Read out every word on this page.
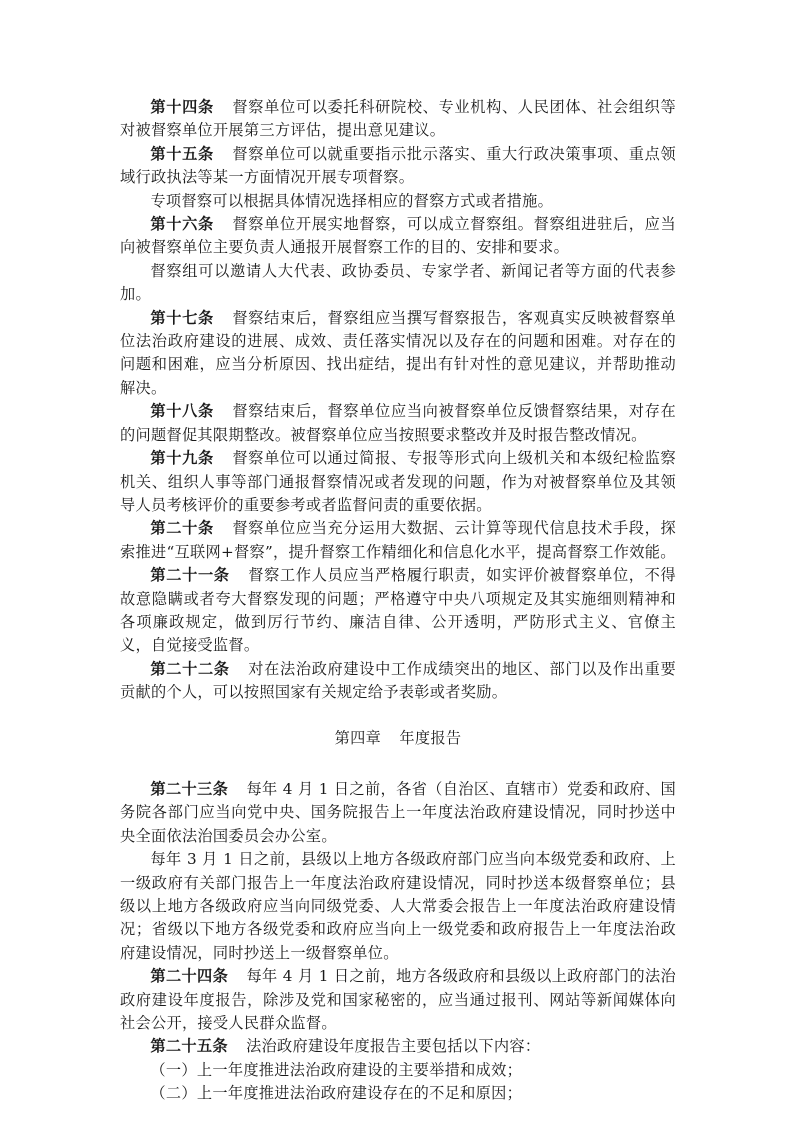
第十四条 督察单位可以委托科研院校、专业机构、人民团体、社会组织等对被督察单位开展第三方评估，提出意见建议。

第十五条 督察单位可以就重要指示批示落实、重大行政决策事项、重点领域行政执法等某一方面情况开展专项督察。

专项督察可以根据具体情况选择相应的督察方式或者措施。

第十六条 督察单位开展实地督察，可以成立督察组。督察组进驻后，应当向被督察单位主要负责人通报开展督察工作的目的、安排和要求。

督察组可以邀请人大代表、政协委员、专家学者、新闻记者等方面的代表参加。

第十七条 督察结束后，督察组应当撰写督察报告，客观真实反映被督察单位法治政府建设的进展、成效、责任落实情况以及存在的问题和困难。对存在的问题和困难，应当分析原因、找出症结，提出有针对性的意见建议，并帮助推动解决。

第十八条 督察结束后，督察单位应当向被督察单位反馈督察结果，对存在的问题督促其限期整改。被督察单位应当按照要求整改并及时报告整改情况。

第十九条 督察单位可以通过简报、专报等形式向上级机关和本级纪检监察机关、组织人事等部门通报督察情况或者发现的问题，作为对被督察单位及其领导人员考核评价的重要参考或者监督问责的重要依据。

第二十条 督察单位应当充分运用大数据、云计算等现代信息技术手段，探索推进“互联网+督察”，提升督察工作精细化和信息化水平，提高督察工作效能。

第二十一条 督察工作人员应当严格履行职责，如实评价被督察单位，不得故意隐瞒或者夸大督察发现的问题；严格遵守中央八项规定及其实施细则精神和各项廉政规定，做到厉行节约、廉洁自律、公开透明，严防形式主义、官僚主义，自觉接受监督。

第二十二条 对在法治政府建设中工作成绩突出的地区、部门以及作出重要贡献的个人，可以按照国家有关规定给予表彰或者奖励。

第四章 年度报告

第二十三条 每年 4 月 1 日之前，各省（自治区、直辖市）党委和政府、国务院各部门应当向党中央、国务院报告上一年度法治政府建设情况，同时抄送中央全面依法治国委员会办公室。

每年 3 月 1 日之前，县级以上地方各级政府部门应当向本级党委和政府、上一级政府有关部门报告上一年度法治政府建设情况，同时抄送本级督察单位；县级以上地方各级政府应当向同级党委、人大常委会报告上一年度法治政府建设情况；省级以下地方各级党委和政府应当向上一级党委和政府报告上一年度法治政府建设情况，同时抄送上一级督察单位。

第二十四条 每年 4 月 1 日之前，地方各级政府和县级以上政府部门的法治政府建设年度报告，除涉及党和国家秘密的，应当通过报刊、网站等新闻媒体向社会公开，接受人民群众监督。

第二十五条 法治政府建设年度报告主要包括以下内容：

（一）上一年度推进法治政府建设的主要举措和成效；

（二）上一年度推进法治政府建设存在的不足和原因；
